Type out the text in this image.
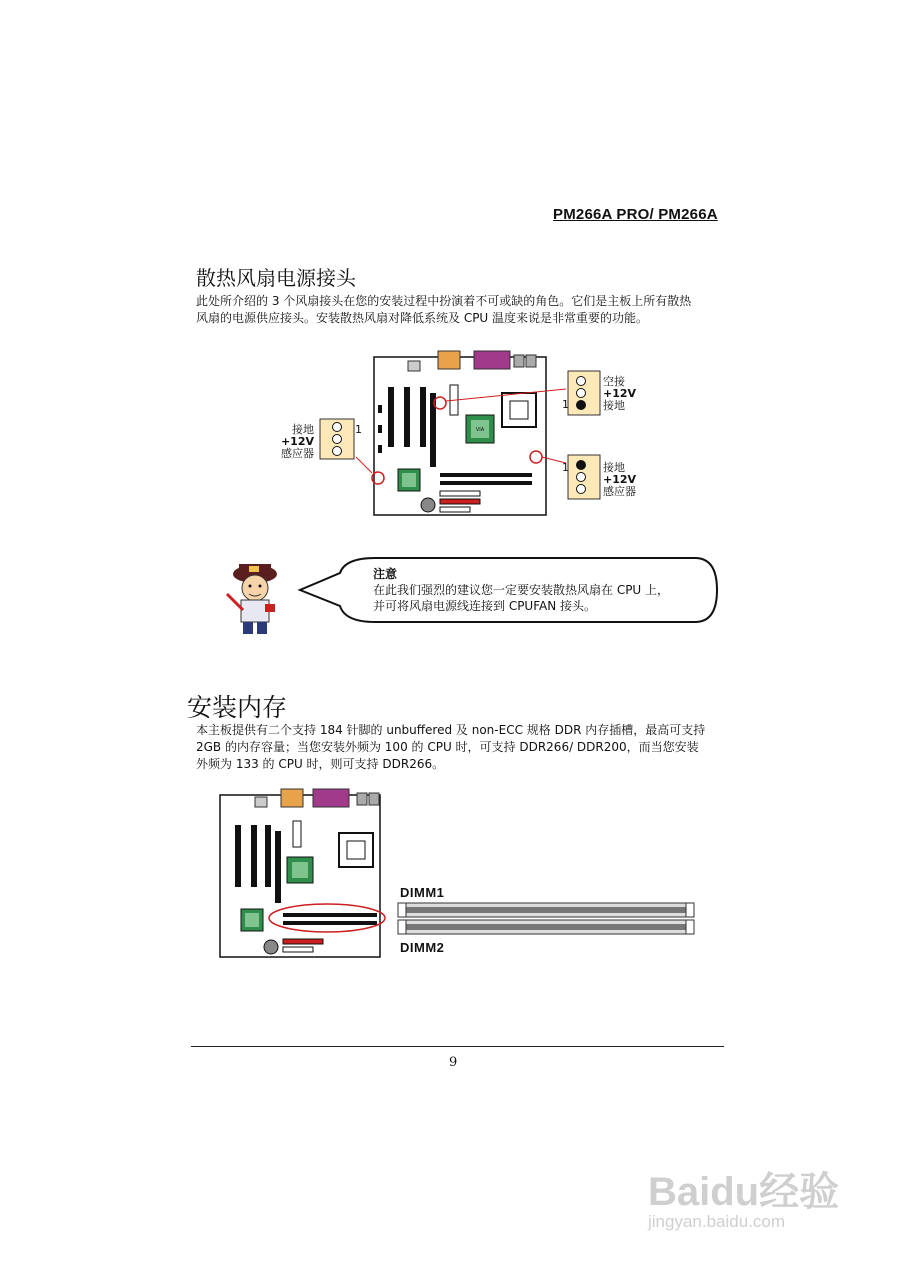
PM266A PRO/ PM266A
散热风扇电源接头
此处所介绍的 3 个风扇接头在您的安装过程中扮演着不可或缺的角色。它们是主板上所有散热
风扇的电源供应接头。安装散热风扇对降低系统及 CPU 温度来说是非常重要的功能。
VIA
接地
+12V
感应器
1
空接
+12V
接地
1
接地
+12V
感应器
1
注意
在此我们强烈的建议您一定要安装散热风扇在 CPU 上，
并可将风扇电源线连接到 CPUFAN 接头。
安装内存
本主板提供有二个支持 184 针脚的 unbuffered 及 non-ECC 规格 DDR 内存插槽，最高可支持
2GB 的内存容量；当您安装外频为 100 的 CPU 时，可支持 DDR266/ DDR200，而当您安装
外频为 133 的 CPU 时，则可支持 DDR266。
DIMM1
DIMM2
9
Baidu经验
jingyan.baidu.com
